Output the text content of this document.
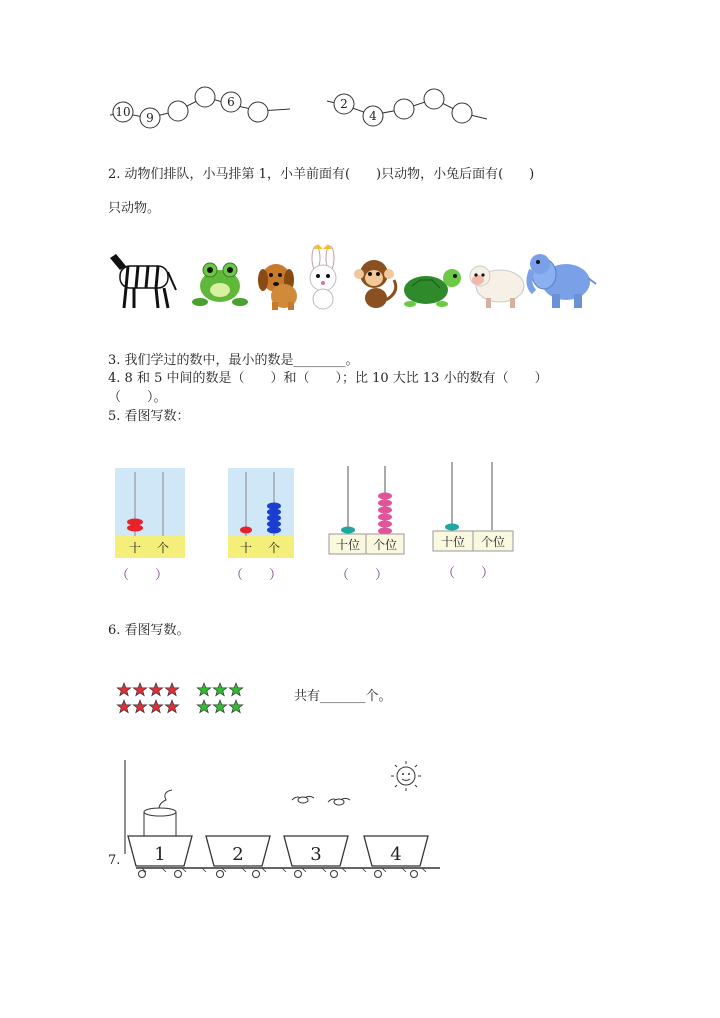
10 9
6	2
4
2. 动物们排队，小马排第 1，小羊前面有(　　)只动物，小兔后面有(　　)
只动物。
3. 我们学过的数中，最小的数是________。
4. 8 和 5 中间的数是（　　）和（　　）；比 10 大比 13 小的数有（　　）
（　　）。
5. 看图写数：
十 个
（　　）
十 个
（　　）
十位 个位
（　　）
十位 个位
（　　）
6. 看图写数。
共有_______个。
7. 1	2	3	4
